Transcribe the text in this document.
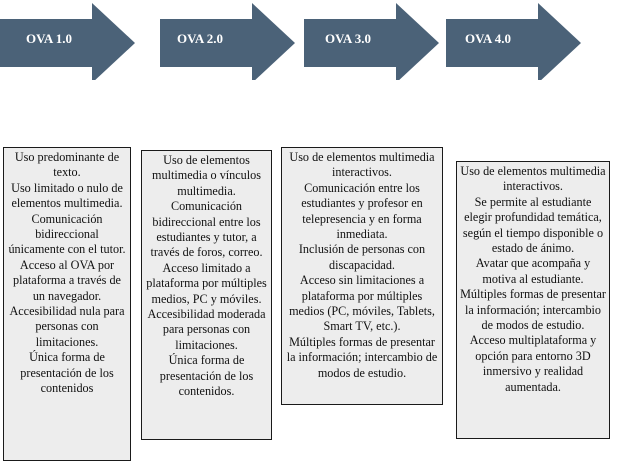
OVA 1.0	OVA 2.0	OVA 3.0	OVA 4.0

Uso predominante de texto.

Uso limitado o nulo de elementos multimedia.

Comunicación bidireccional únicamente con el tutor.

Acceso al OVA por plataforma a través de un navegador.

Accesibilidad nula para personas con limitaciones.

Única forma de presentación de los contenidos

Uso de elementos multimedia o vínculos multimedia.

Comunicación bidireccional entre los estudiantes y tutor, a través de foros, correo.

Acceso limitado a plataforma por múltiples medios, PC y móviles.

Accesibilidad moderada para personas con limitaciones.

Única forma de presentación de los contenidos.

Uso de elementos multimedia interactivos.

Comunicación entre los estudiantes y profesor en telepresencia y en forma inmediata.

Inclusión de personas con discapacidad.

Acceso sin limitaciones a plataforma por múltiples medios (PC, móviles, Tablets, Smart TV, etc.).

Múltiples formas de presentar la información; intercambio de modos de estudio.

Uso de elementos multimedia interactivos.

Se permite al estudiante elegir profundidad temática, según el tiempo disponible o estado de ánimo.

Avatar que acompaña y motiva al estudiante.

Múltiples formas de presentar la información; intercambio de modos de estudio.

Acceso multiplataforma y opción para entorno 3D inmersivo y realidad aumentada.
